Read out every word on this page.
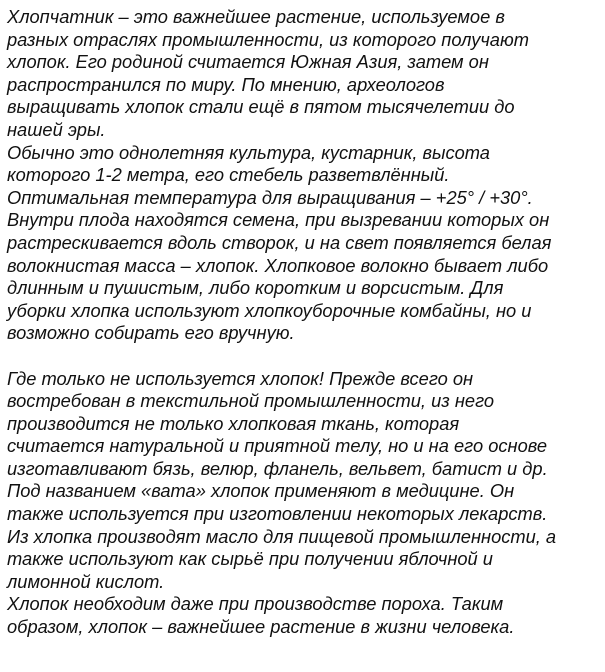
Хлопчатник – это важнейшее растение, используемое в
разных отраслях промышленности, из которого получают
хлопок. Его родиной считается Южная Азия, затем он
распространился по миру. По мнению, археологов
выращивать хлопок стали ещё в пятом тысячелетии до
нашей эры.
Обычно это однолетняя культура, кустарник, высота
которого 1-2 метра, его стебель разветвлённый.
Оптимальная температура для выращивания – +25° / +30°.
Внутри плода находятся семена, при вызревании которых он
растрескивается вдоль створок, и на свет появляется белая
волокнистая масса – хлопок. Хлопковое волокно бывает либо
длинным и пушистым, либо коротким и ворсистым. Для
уборки хлопка используют хлопкоуборочные комбайны, но и
возможно собирать его вручную.
Где только не используется хлопок! Прежде всего он
востребован в текстильной промышленности, из него
производится не только хлопковая ткань, которая
считается натуральной и приятной телу, но и на его основе
изготавливают бязь, велюр, фланель, вельвет, батист и др.
Под названием «вата» хлопок применяют в медицине. Он
также используется при изготовлении некоторых лекарств.
Из хлопка производят масло для пищевой промышленности, а
также используют как сырьё при получении яблочной и
лимонной кислот.
Хлопок необходим даже при производстве пороха. Таким
образом, хлопок – важнейшее растение в жизни человека.
